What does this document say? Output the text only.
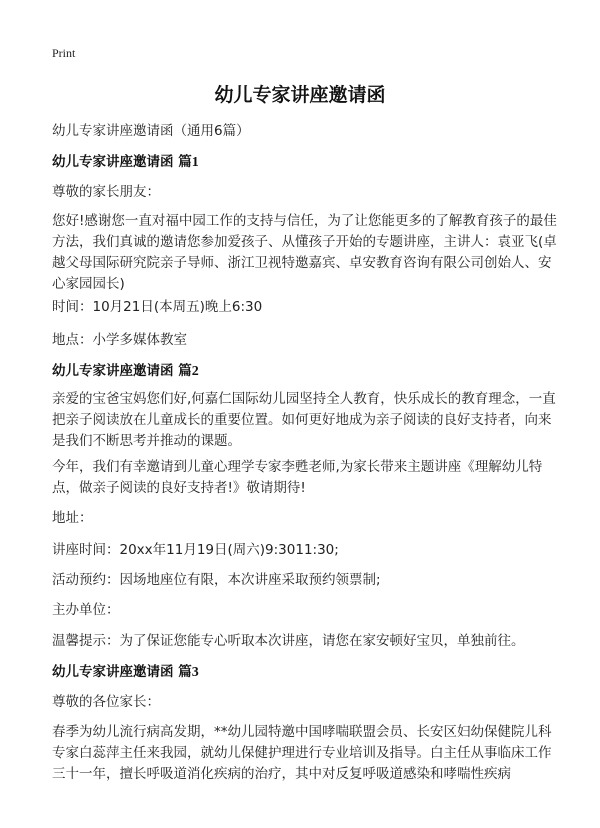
Print
幼儿专家讲座邀请函
幼儿专家讲座邀请函（通用6篇）
幼儿专家讲座邀请函 篇1
尊敬的家长朋友：
您好!感谢您一直对福中园工作的支持与信任，为了让您能更多的了解教育孩子的最佳方法，我们真诚的邀请您参加爱孩子、从懂孩子开始的专题讲座，主讲人：袁亚飞(卓越父母国际研究院亲子导师、浙江卫视特邀嘉宾、卓安教育咨询有限公司创始人、安心家园园长)
时间：10月21日(本周五)晚上6:30
地点：小学多媒体教室
幼儿专家讲座邀请函 篇2
亲爱的宝爸宝妈您们好,何嘉仁国际幼儿园坚持全人教育，快乐成长的教育理念，一直把亲子阅读放在儿童成长的重要位置。如何更好地成为亲子阅读的良好支持者，向来是我们不断思考并推动的课题。
今年，我们有幸邀请到儿童心理学专家李甦老师,为家长带来主题讲座《理解幼儿特点，做亲子阅读的良好支持者!》敬请期待!
地址：
讲座时间：20xx年11月19日(周六)9:3011:30;
活动预约：因场地座位有限，本次讲座采取预约领票制;
主办单位：
温馨提示：为了保证您能专心听取本次讲座，请您在家安顿好宝贝，单独前往。
幼儿专家讲座邀请函 篇3
尊敬的各位家长：
春季为幼儿流行病高发期，**幼儿园特邀中国哮喘联盟会员、长安区妇幼保健院儿科专家白蕊萍主任来我园，就幼儿保健护理进行专业培训及指导。白主任从事临床工作三十一年，擅长呼吸道消化疾病的治疗，其中对反复呼吸道感染和哮喘性疾病
